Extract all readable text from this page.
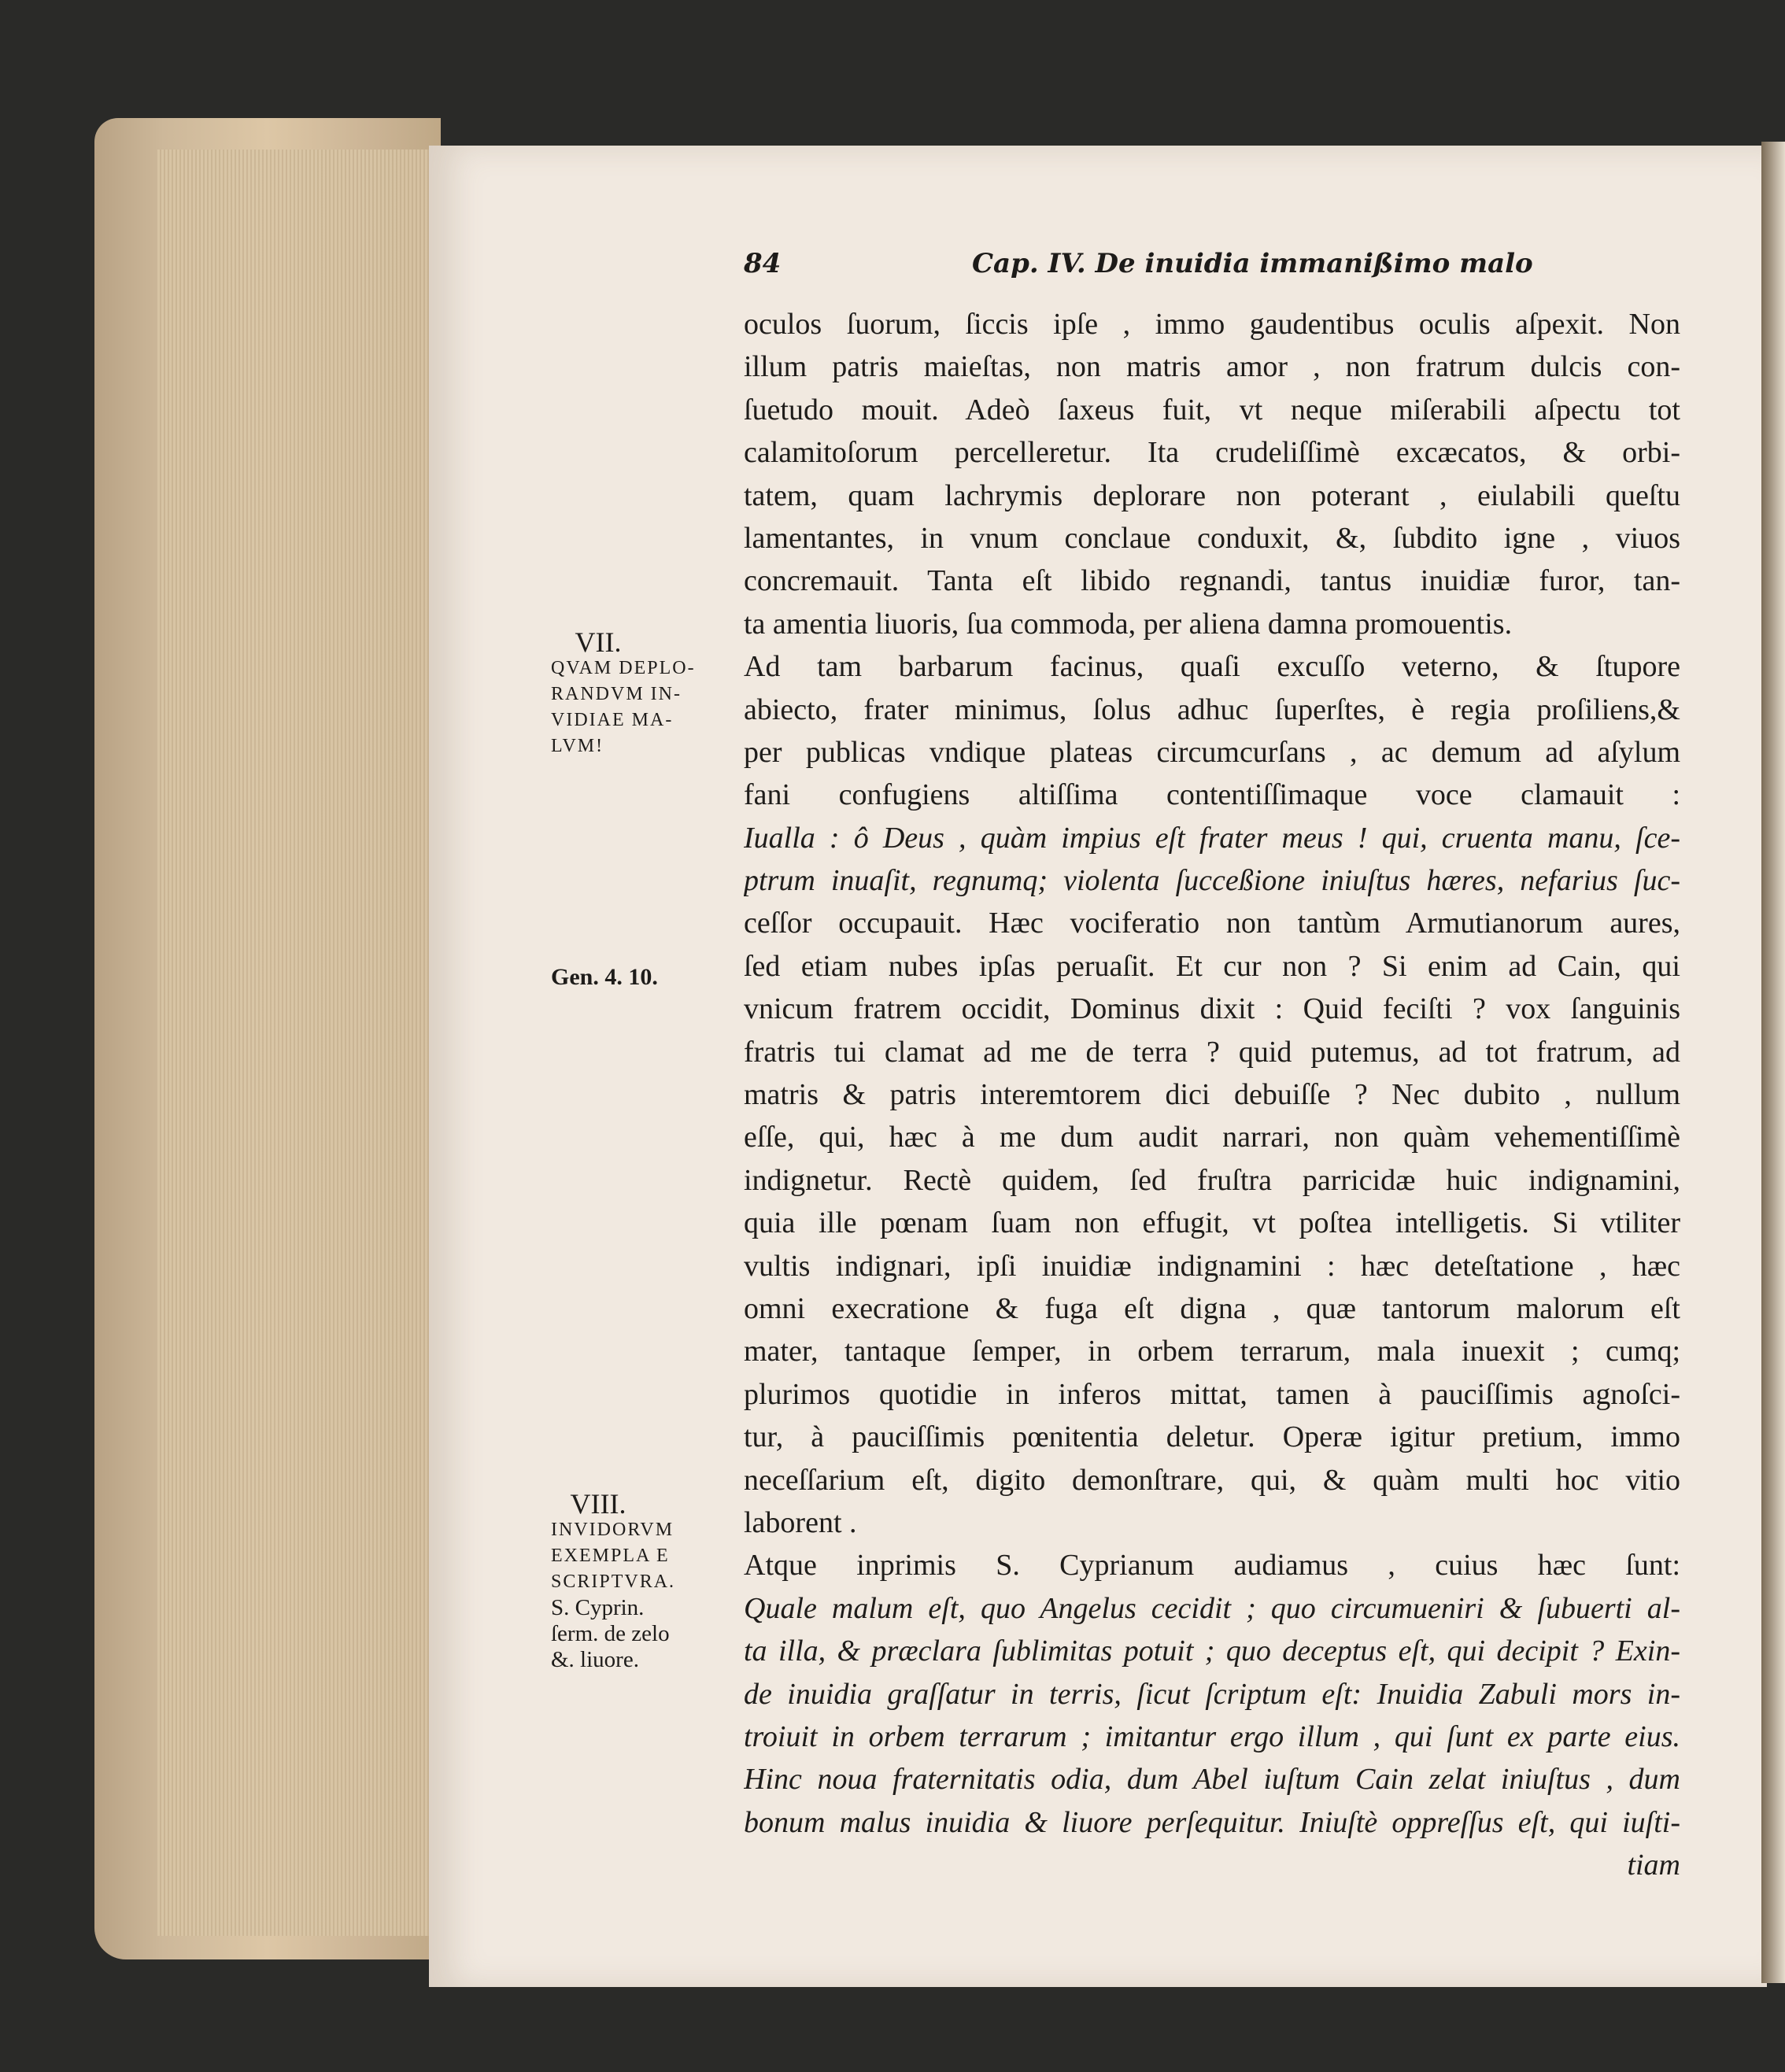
84	Cap. IV. De inuidia immanißimo malo
oculos ſuorum, ſiccis ipſe , immo gaudentibus oculis aſpexit. Non
illum patris maieſtas, non matris amor , non fratrum dulcis con-
ſuetudo mouit. Adeò ſaxeus fuit, vt neque miſerabili aſpectu tot
calamitoſorum percelleretur. Ita crudeliſſimè excæcatos, & orbi-
tatem, quam lachrymis deplorare non poterant , eiulabili queſtu
lamentantes, in vnum conclaue conduxit, &, ſubdito igne , viuos
concremauit. Tanta eſt libido regnandi, tantus inuidiæ furor, tan-
ta amentia liuoris, ſua commoda, per aliena damna promouentis.
Ad tam barbarum facinus, quaſi excuſſo veterno, & ſtupore
abiecto, frater minimus, ſolus adhuc ſuperſtes, è regia proſiliens,&
per publicas vndique plateas circumcurſans , ac demum ad aſylum
fani confugiens altiſſima contentiſſimaque voce clamauit :
Iualla : ô Deus , quàm impius eſt frater meus ! qui, cruenta manu, ſce-
ptrum inuaſit, regnumq; violenta ſucceßione iniuſtus hæres, nefarius ſuc-
ceſſor occupauit. Hæc vociferatio non tantùm Armutianorum aures,
ſed etiam nubes ipſas peruaſit. Et cur non ? Si enim ad Cain, qui
vnicum fratrem occidit, Dominus dixit : Quid feciſti ? vox ſanguinis
fratris tui clamat ad me de terra ? quid putemus, ad tot fratrum, ad
matris & patris interemtorem dici debuiſſe ? Nec dubito , nullum
eſſe, qui, hæc à me dum audit narrari, non quàm vehementiſſimè
indignetur. Rectè quidem, ſed fruſtra parricidæ huic indignamini,
quia ille pœnam ſuam non effugit, vt poſtea intelligetis. Si vtiliter
vultis indignari, ipſi inuidiæ indignamini : hæc deteſtatione , hæc
omni execratione & fuga eſt digna , quæ tantorum malorum eſt
mater, tantaque ſemper, in orbem terrarum, mala inuexit ; cumq;
plurimos quotidie in inferos mittat, tamen à pauciſſimis agnoſci-
tur, à pauciſſimis pœnitentia deletur. Operæ igitur pretium, immo
neceſſarium eſt, digito demonſtrare, qui, & quàm multi hoc vitio
laborent .
Atque inprimis S. Cyprianum audiamus , cuius hæc ſunt:
Quale malum eſt, quo Angelus cecidit ; quo circumueniri & ſubuerti al-
ta illa, & præclara ſublimitas potuit ; quo deceptus eſt, qui decipit ? Exin-
de inuidia graſſatur in terris, ſicut ſcriptum eſt: Inuidia Zabuli mors in-
troiuit in orbem terrarum ; imitantur ergo illum , qui ſunt ex parte eius.
Hinc noua fraternitatis odia, dum Abel iuſtum Cain zelat iniuſtus , dum
bonum malus inuidia & liuore perſequitur. Iniuſtè oppreſſus eſt, qui iuſti-
tiam
VII.
QVAM DEPLO-
RANDVM IN-
VIDIAE MA-
LVM!
Gen. 4. 10.
VIII.
INVIDORVM
EXEMPLA E
SCRIPTVRA.
S. Cyprin.
ſerm. de zelo
&. liuore.
